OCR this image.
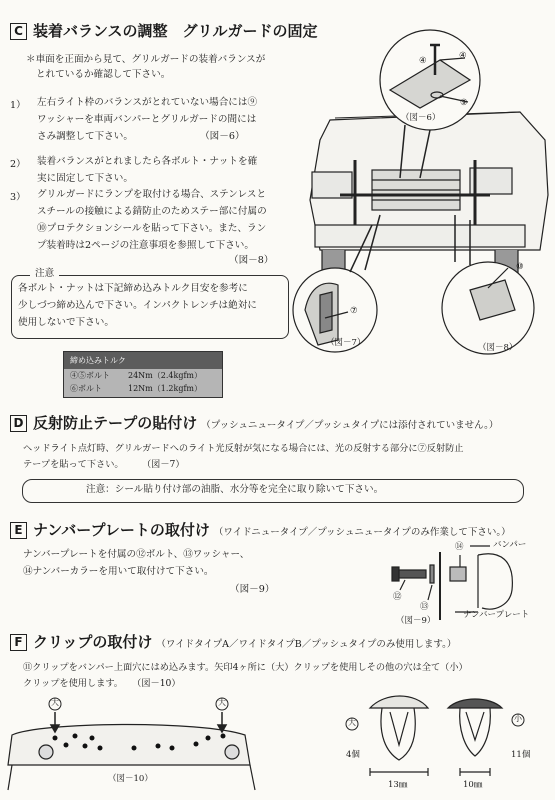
C 装着バランスの調整　グリルガードの固定
＊車面を正面から見て、グリルガードの装着バランスが
とれているか確認して下さい。
1） 左右ライト枠のバランスがとれていない場合には⑨
ワッシャーを車両バンパーとグリルガードの間には
さみ調整して下さい。　　　　　　　　（図－6）
2） 装着バランスがとれましたら各ボルト・ナットを確
実に固定して下さい。
3） グリルガードにランプを取付ける場合、ステンレスと
スチールの接触による錆防止のためステー部に付属の
⑩プロテクションシールを貼って下さい。また、ラン
プ装着時は2ページの注意事項を参照して下さい。
（図－8）
注意
各ボルト・ナットは下記締め込みトルク目安を参考に
少しづつ締め込んで下さい。インパクトレンチは絶対に
使用しないで下さい。
締め込みトルク
④⑤ボルト 24Nm（2.4kgfm）
⑥ボルト	12Nm（1.2kgfm）
④	④
⑨
（図－6）
⑦
（図－7）
⑩
（図－8）
D 反射防止テープの貼付け （プッシュニュータイプ／プッシュタイプには添付されていません。）
ヘッドライト点灯時、グリルガードへのライト光反射が気になる場合には、光の反射する部分に⑦反射防止
テープを貼って下さい。　　　（図－7）
注意：シール貼り付け部の油脂、水分等を完全に取り除いて下さい。
E ナンバープレートの取付け （ワイドニュータイプ／プッシュニュータイプのみ作業して下さい。）
ナンバープレートを付属の⑫ボルト、⑬ワッシャー、
⑭ナンバーカラーを用いて取付けて下さい。
（図－9）
⑭	バンパー
⑫
⑬
（図－9）
ナンバープレート
F クリップの取付け （ワイドタイプA／ワイドタイプB／プッシュタイプのみ使用します。）
⑪クリップをバンパー上面穴にはめ込みます。矢印4ヶ所に（大）クリップを使用しその他の穴は全て（小）
クリップを使用します。　　（図－10）
大	大
（図－10）
大
4個
13㎜
小
11個
10㎜
